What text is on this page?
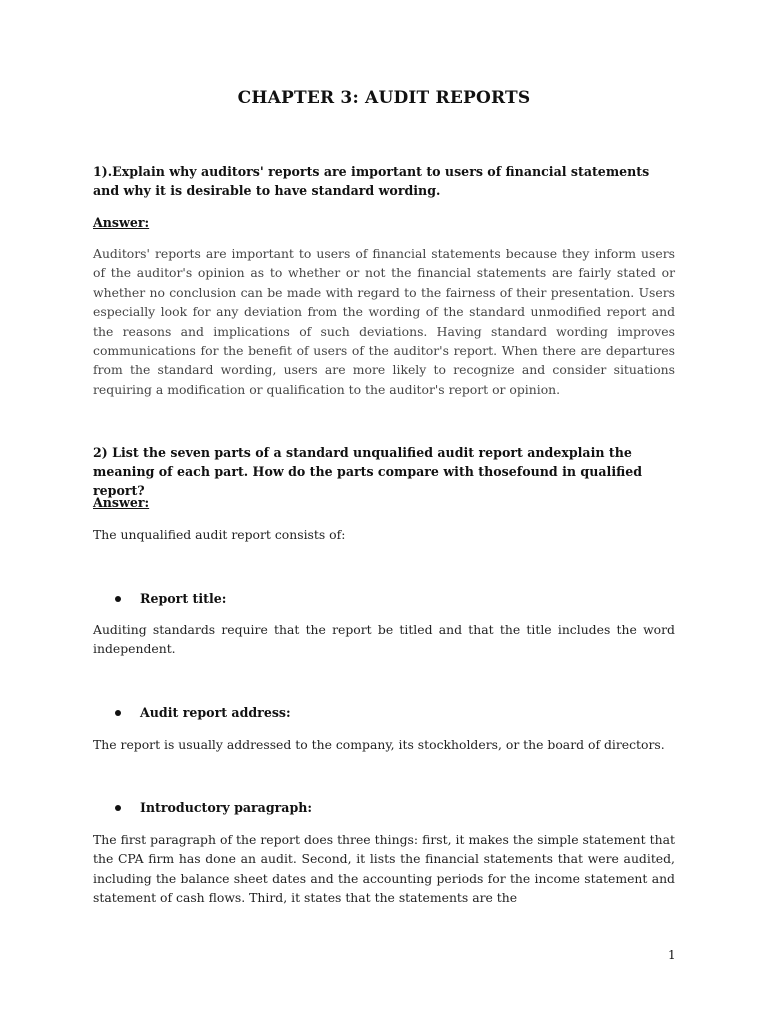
CHAPTER 3: AUDIT REPORTS

1).Explain why auditors' reports are important to users of financial statements and why it is desirable to have standard wording.

Answer:

Auditors' reports are important to users of financial statements because they inform users of the auditor's opinion as to whether or not the financial statements are fairly stated or whether no conclusion can be made with regard to the fairness of their presentation. Users especially look for any deviation from the wording of the standard unmodified report and the reasons and implications of such deviations. Having standard wording improves communications for the benefit of users of the auditor's report. When there are departures from the standard wording, users are more likely to recognize and consider situations requiring a modification or qualification to the auditor's report or opinion.

2) List the seven parts of a standard unqualified audit report andexplain the meaning of each part. How do the parts compare with thosefound in qualified report?

Answer:

The unqualified audit report consists of:

Report title:

Auditing standards require that the report be titled and that the title includes the word independent.

Audit report address:

The report is usually addressed to the company, its stockholders, or the board of directors.

Introductory paragraph:

The first paragraph of the report does three things: first, it makes the simple statement that the CPA firm has done an audit. Second, it lists the financial statements that were audited, including the balance sheet dates and the accounting periods for the income statement and statement of cash flows. Third, it states that the statements are the

1
